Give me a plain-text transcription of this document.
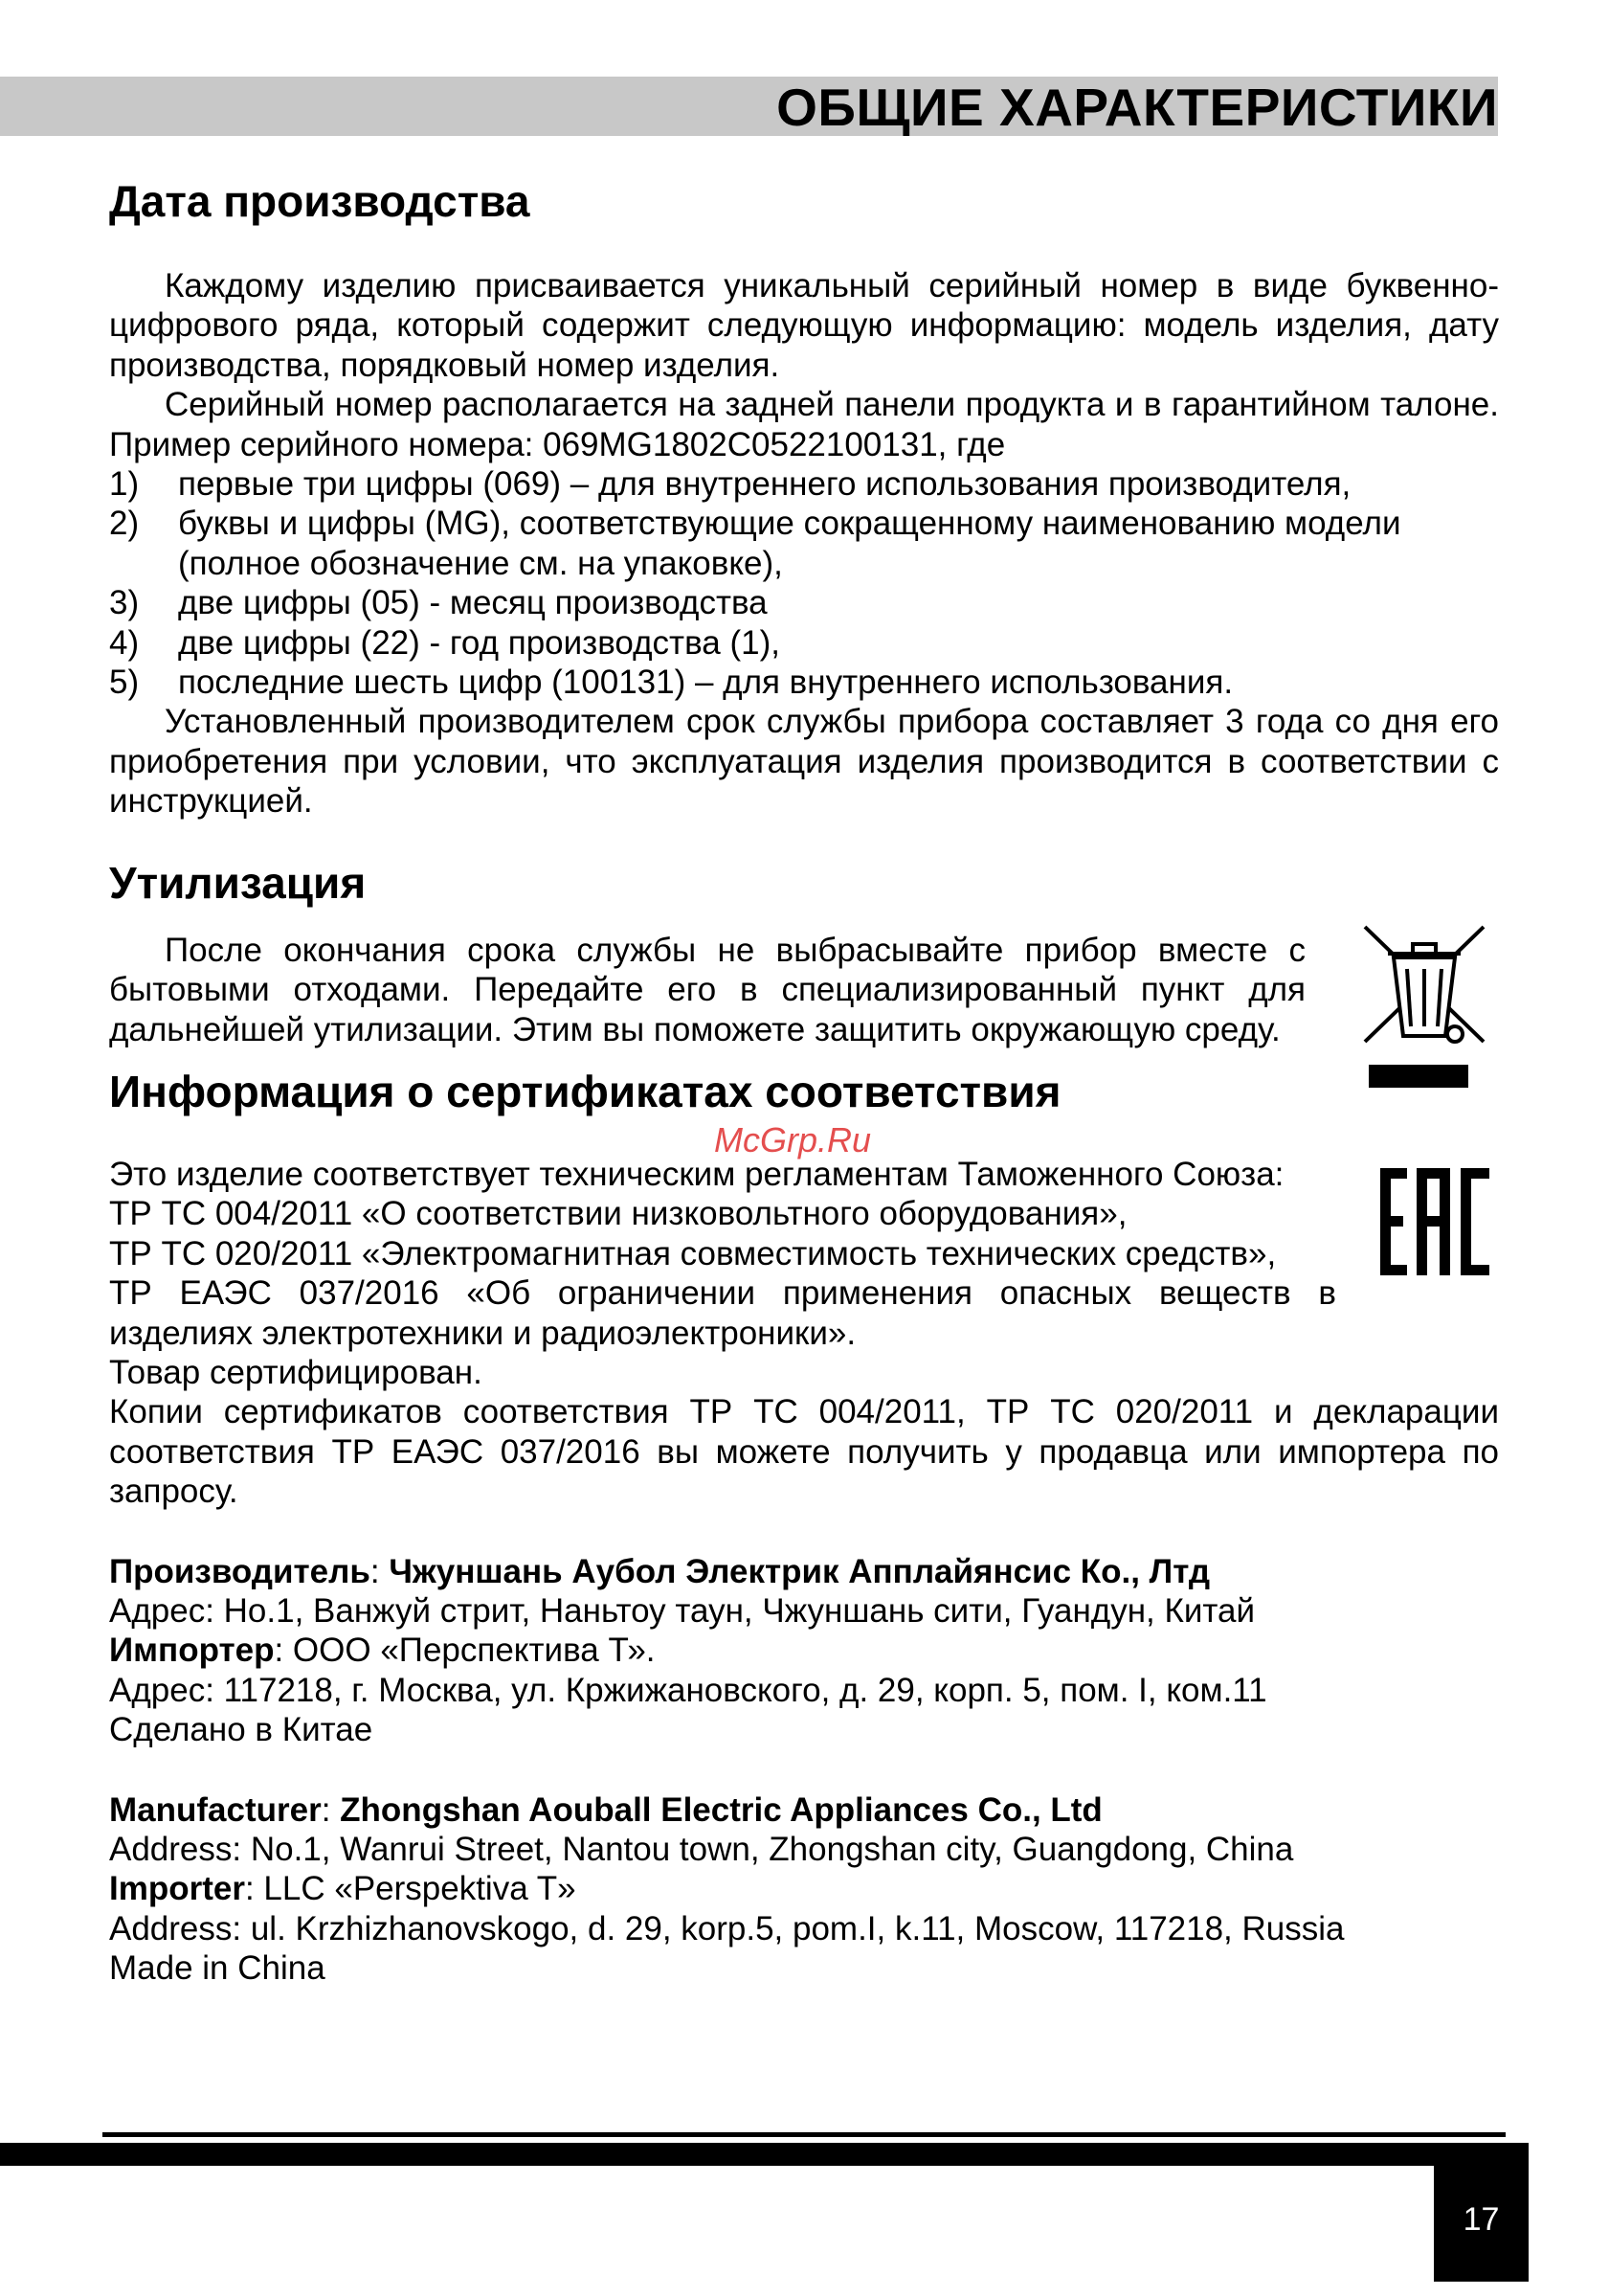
ОБЩИЕ ХАРАКТЕРИСТИКИ
McGrp.Ru
Дата производства

Каждому изделию присваивается уникальный серийный номер в виде буквенно-цифрового ряда, который содержит следующую информацию: модель изделия, дату производства, порядковый номер изделия.

Серийный номер располагается на задней панели продукта и в гарантийном талоне. Пример серийного номера: 069MG1802C0522100131, где

1) первые три цифры (069) – для внутреннего использования производителя,
2) буквы и цифры (MG), соответствующие сокращенному наименованию модели (полное обозначение см. на упаковке),
3) две цифры (05) - месяц производства
4) две цифры (22) - год производства (1),
5) последние шесть цифр (100131) – для внутреннего использования.

Установленный производителем срок службы прибора составляет 3 года со дня его приобретения при условии, что эксплуатация изделия производится в соответствии с инструкцией.

Утилизация

После окончания срока службы не выбрасывайте прибор вместе с бытовыми отходами. Передайте его в специализированный пункт для дальнейшей утилизации. Этим вы поможете защитить окружающую среду.

Информация о сертификатах соответствия

Это изделие соответствует техническим регламентам Таможенного Союза:

ТР ТС 004/2011 «О соответствии низковольтного оборудования»,

ТР ТС 020/2011 «Электромагнитная совместимость технических средств»,

ТР ЕАЭС 037/2016 «Об ограничении применения опасных веществ в изделиях электротехники и радиоэлектроники».

Товар сертифицирован.

Копии сертификатов соответствия ТР ТС 004/2011, ТР ТС 020/2011 и декларации соответствия ТР ЕАЭС 037/2016 вы можете получить у продавца или импортера по запросу.

Производитель: Чжуншань Аубол Электрик Апплайянсис Ко., Лтд

Адрес: Но.1, Ванжуй стрит, Наньтоу таун, Чжуншань сити, Гуандун, Китай

Импортер: ООО «Перспектива Т».

Адрес: 117218, г. Москва, ул. Кржижановского, д. 29, корп. 5, пом. I, ком.11

Сделано в Китае

Manufacturer: Zhongshan Aouball Electric Appliances Co., Ltd

Address: No.1, Wanrui Street, Nantou town, Zhongshan city, Guangdong, China

Importer: LLC «Perspektiva T»

Address: ul. Krzhizhanovskogo, d. 29, korp.5, pom.I, k.11, Moscow, 117218, Russia

Made in China

17
